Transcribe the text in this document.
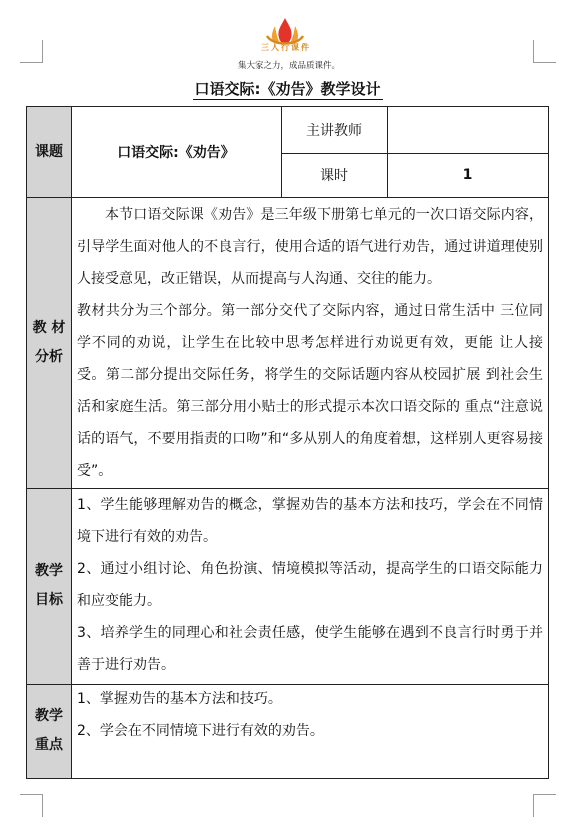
三人行课件
集大家之力，成品质课件。
口语交际:《劝告》教学设计
课题
教 材
分析
教学
目标
教学
重点
口语交际:《劝告》
主讲教师
课时	1
本节口语交际课《劝告》是三年级下册第七单元的一次口语交际内容，引导学生面对他人的不良言行，使用合适的语气进行劝告，通过讲道理使别人接受意见，改正错误，从而提高与人沟通、交往的能力。
教材共分为三个部分。第一部分交代了交际内容，通过日常生活中 三位同学不同的劝说，让学生在比较中思考怎样进行劝说更有效，更能 让人接受。第二部分提出交际任务，将学生的交际话题内容从校园扩展 到社会生活和家庭生活。第三部分用小贴士的形式提示本次口语交际的 重点“注意说话的语气，不要用指责的口吻”和“多从别人的角度着想，这样别人更容易接受”。
1、学生能够理解劝告的概念，掌握劝告的基本方法和技巧，学会在不同情境下进行有效的劝告。
2、通过小组讨论、角色扮演、情境模拟等活动，提高学生的口语交际能力和应变能力。
3、培养学生的同理心和社会责任感，使学生能够在遇到不良言行时勇于并善于进行劝告。
1、掌握劝告的基本方法和技巧。
2、学会在不同情境下进行有效的劝告。
